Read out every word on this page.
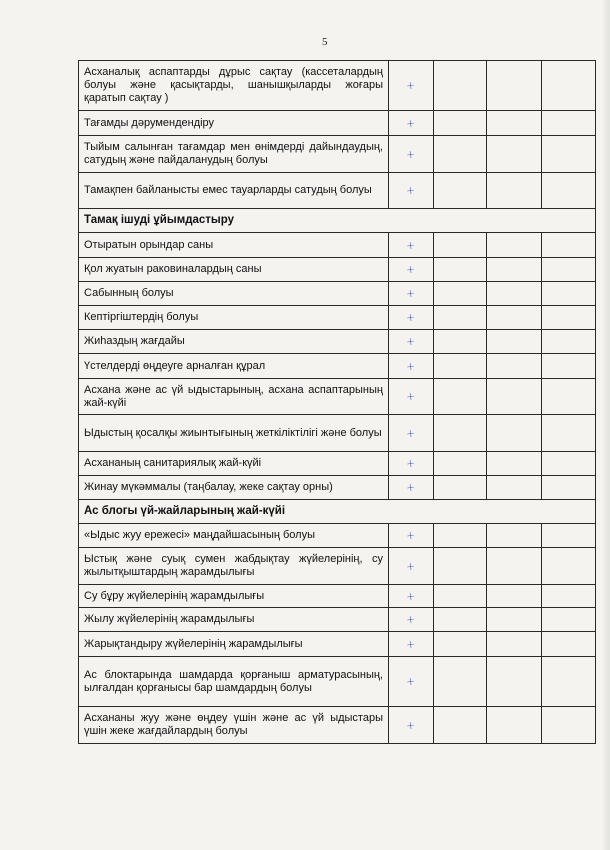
5
Асханалық аспаптарды дұрыс сақтау (кассеталардың болуы және қасықтарды, шанышқыларды жоғары қаратып сақтау )	+			
Тағамды дәрумендендіру	+			
Тыйым салынған тағамдар мен өнімдерді дайындаудың, сатудың және пайдаланудың болуы	+			
Тамақпен байланысты емес тауарларды сатудың болуы	+			
Тамақ ішуді ұйымдастыру				
Отыратын орындар саны	+			
Қол жуатын раковиналардың саны	+			
Сабынның болуы	+			
Кептіргіштердің болуы	+			
Жиһаздың жағдайы	+			
Үстелдерді өңдеуге арналған құрал	+			
Асхана және ас үй ыдыстарының, асхана аспаптарының жай-күйі	+			
Ыдыстың қосалқы жиынтығының жеткіліктілігі және болуы	+			
Асхананың санитариялық жай-күйі	+			
Жинау мүкәммалы (таңбалау, жеке сақтау орны)	+			
Ас блогы үй-жайларының жай-күйі				
«Ыдыс жуу ережесі» маңдайшасының болуы	+			
Ыстық және суық сумен жабдықтау жүйелерінің, су жылытқыштардың жарамдылығы	+			
Су бұру жүйелерінің жарамдылығы	+			
Жылу жүйелерінің жарамдылығы	+			
Жарықтандыру жүйелерінің жарамдылығы	+			
Ас блоктарында шамдарда қорғаныш арматурасының, ылғалдан қорғанысы бар шамдардың болуы	+			
Асхананы жуу және өңдеу үшін және ас үй ыдыстары үшін жеке жағдайлардың болуы	+			
